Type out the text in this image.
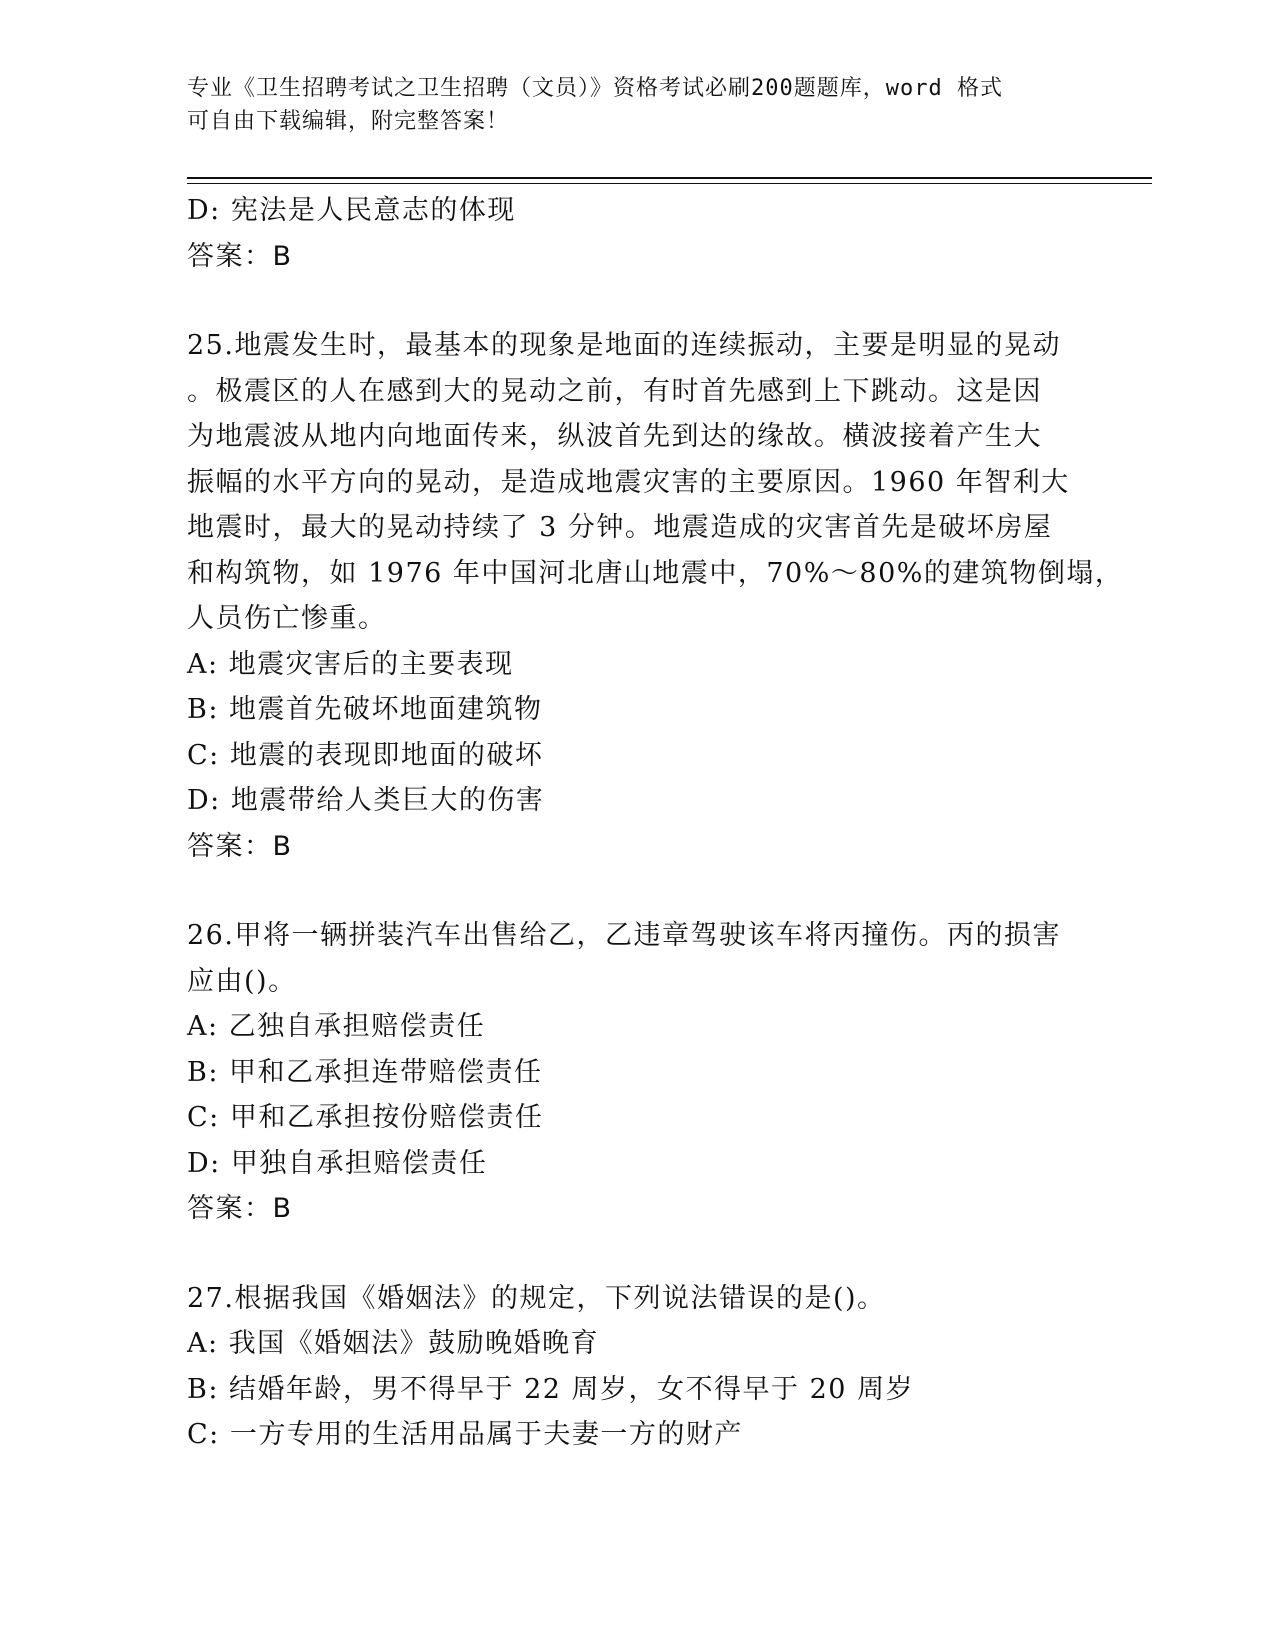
专业《卫生招聘考试之卫生招聘（文员）》资格考试必刷200题题库，word 格式
可自由下载编辑，附完整答案！
D: 宪法是人民意志的体现
答案：B
25.地震发生时，最基本的现象是地面的连续振动，主要是明显的晃动
。极震区的人在感到大的晃动之前，有时首先感到上下跳动。这是因
为地震波从地内向地面传来，纵波首先到达的缘故。横波接着产生大
振幅的水平方向的晃动，是造成地震灾害的主要原因。1960 年智利大
地震时，最大的晃动持续了 3 分钟。地震造成的灾害首先是破坏房屋
和构筑物，如 1976 年中国河北唐山地震中，70%～80%的建筑物倒塌，
人员伤亡惨重。
A: 地震灾害后的主要表现
B: 地震首先破坏地面建筑物
C: 地震的表现即地面的破坏
D: 地震带给人类巨大的伤害
答案：B
26.甲将一辆拼装汽车出售给乙，乙违章驾驶该车将丙撞伤。丙的损害
应由()。
A: 乙独自承担赔偿责任
B: 甲和乙承担连带赔偿责任
C: 甲和乙承担按份赔偿责任
D: 甲独自承担赔偿责任
答案：B
27.根据我国《婚姻法》的规定，下列说法错误的是()。
A: 我国《婚姻法》鼓励晚婚晚育
B: 结婚年龄，男不得早于 22 周岁，女不得早于 20 周岁
C: 一方专用的生活用品属于夫妻一方的财产
